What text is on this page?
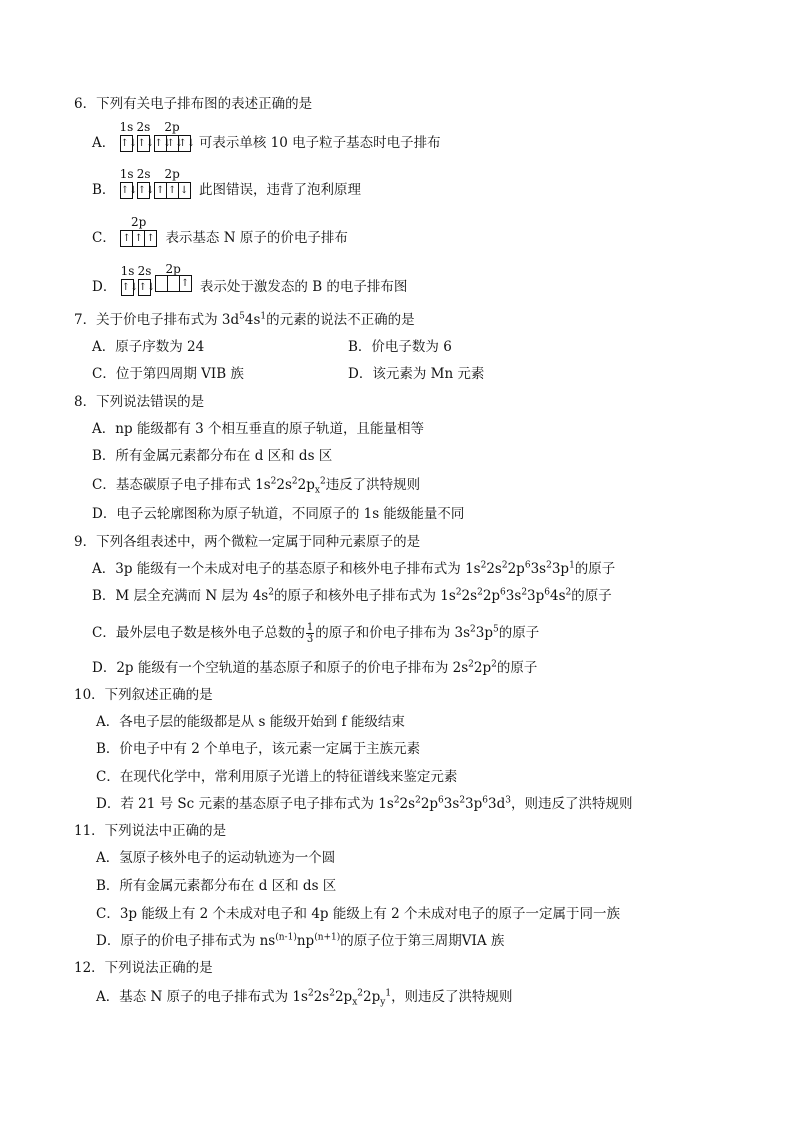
6．下列有关电子排布图的表述正确的是
A．
1s
↑↓
2s
↑↓
2p
↑↓
↑↓
↑↓ 可表示单核 10 电子粒子基态时电子排布
B．
1s
↑↓
2s
↑↓
2p
↑ ↑ ↓ 此图错误，违背了泡利原理
C．
2p
↑ ↑ ↑ 表示基态 N 原子的价电子排布
D．
1s
↑↓
2s
↑↓
2p
↑ 表示处于激发态的 B 的电子排布图
7．关于价电子排布式为 $3d^54s^1$的元素的说法不正确的是
A．原子序数为 24	B．价电子数为 6
C．位于第四周期 VIB 族	D．该元素为 Mn 元素
8．下列说法错误的是
A．np 能级都有 3 个相互垂直的原子轨道，且能量相等
B．所有金属元素都分布在 d 区和 ds 区
C．基态碳原子电子排布式 $1s^22s^22p_x^2$违反了洪特规则
D．电子云轮廓图称为原子轨道，不同原子的 1s 能级能量不同
9．下列各组表述中，两个微粒一定属于同种元素原子的是
A．3p 能级有一个未成对电子的基态原子和核外电子排布式为 $1s^22s^22p^63s^23p^1$的原子
B．M 层全充满而 N 层为 $4s^2$的原子和核外电子排布式为 $1s^22s^22p^63s^23p^64s^2$的原子
C．最外层电子数是核外电子总数的 $\frac{1}{3}$ 的原子和价电子排布为 $3s^23p^5$的原子
D．2p 能级有一个空轨道的基态原子和原子的价电子排布为 $2s^22p^2$的原子
10．下列叙述正确的是
A．各电子层的能级都是从 s 能级开始到 f 能级结束
B．价电子中有 2 个单电子，该元素一定属于主族元素
C．在现代化学中，常利用原子光谱上的特征谱线来鉴定元素
D．若 21 号 Sc 元素的基态原子电子排布式为 $1s^22s^22p^63s^23p^63d^3$，则违反了洪特规则
11．下列说法中正确的是
A．氢原子核外电子的运动轨迹为一个圆
B．所有金属元素都分布在 d 区和 ds 区
C．3p 能级上有 2 个未成对电子和 4p 能级上有 2 个未成对电子的原子一定属于同一族
D．原子的价电子排布式为 $ns^{(n-1)}np^{(n+1)}$的原子位于第三周期VIA 族
12．下列说法正确的是
A．基态 N 原子的电子排布式为 $1s^22s^22p_x^22p_y^1$，则违反了洪特规则
